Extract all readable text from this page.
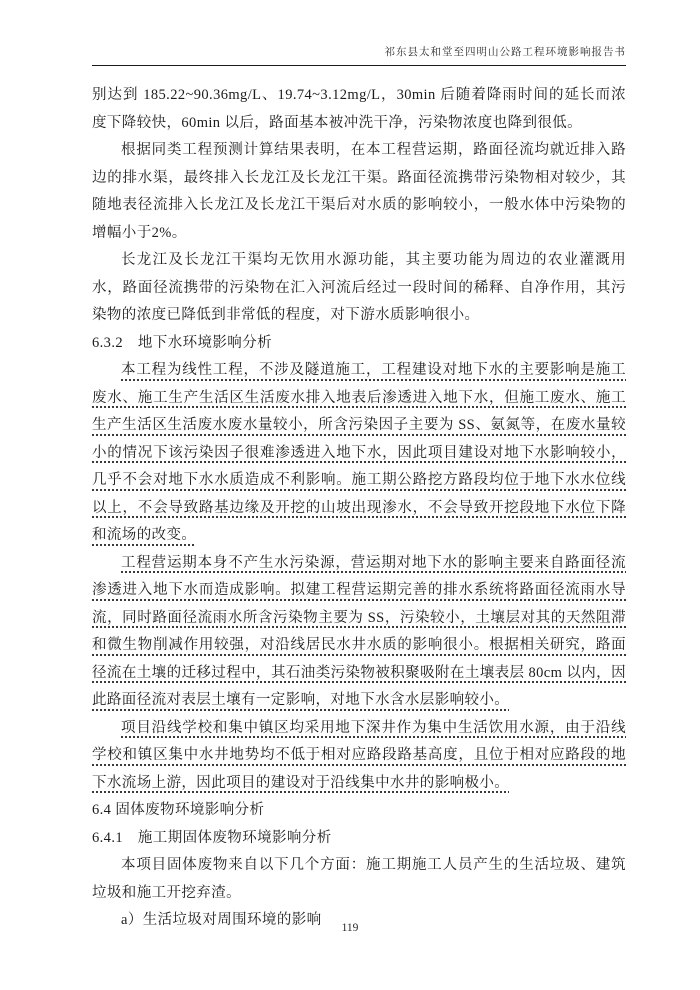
祁东县太和堂至四明山公路工程环境影响报告书

别达到 185.22~90.36mg/L、19.74~3.12mg/L，30min 后随着降雨时间的延长而浓度下降较快，60min 以后，路面基本被冲洗干净，污染物浓度也降到很低。

根据同类工程预测计算结果表明，在本工程营运期，路面径流均就近排入路边的排水渠，最终排入长龙江及长龙江干渠。路面径流携带污染物相对较少，其随地表径流排入长龙江及长龙江干渠后对水质的影响较小，一般水体中污染物的增幅小于2%。

长龙江及长龙江干渠均无饮用水源功能，其主要功能为周边的农业灌溉用水，路面径流携带的污染物在汇入河流后经过一段时间的稀释、自净作用，其污染物的浓度已降低到非常低的程度，对下游水质影响很小。

6.3.2　地下水环境影响分析

本工程为线性工程，不涉及隧道施工，工程建设对地下水的主要影响是施工废水、施工生产生活区生活废水排入地表后渗透进入地下水，但施工废水、施工生产生活区生活废水废水量较小，所含污染因子主要为 SS、氨氮等，在废水量较小的情况下该污染因子很难渗透进入地下水，因此项目建设对地下水影响较小，几乎不会对地下水水质造成不利影响。施工期公路挖方路段均位于地下水水位线以上，不会导致路基边缘及开挖的山坡出现渗水，不会导致开挖段地下水位下降和流场的改变。

工程营运期本身不产生水污染源，营运期对地下水的影响主要来自路面径流渗透进入地下水而造成影响。拟建工程营运期完善的排水系统将路面径流雨水导流，同时路面径流雨水所含污染物主要为 SS，污染较小，土壤层对其的天然阻滞和微生物削减作用较强，对沿线居民水井水质的影响很小。根据相关研究，路面径流在土壤的迁移过程中，其石油类污染物被积聚吸附在土壤表层 80cm 以内，因此路面径流对表层土壤有一定影响，对地下水含水层影响较小。

项目沿线学校和集中镇区均采用地下深井作为集中生活饮用水源，由于沿线学校和镇区集中水井地势均不低于相对应路段路基高度，且位于相对应路段的地下水流场上游，因此项目的建设对于沿线集中水井的影响极小。

6.4 固体废物环境影响分析
6.4.1　施工期固体废物环境影响分析

本项目固体废物来自以下几个方面：施工期施工人员产生的生活垃圾、建筑垃圾和施工开挖弃渣。

a）生活垃圾对周围环境的影响	119
